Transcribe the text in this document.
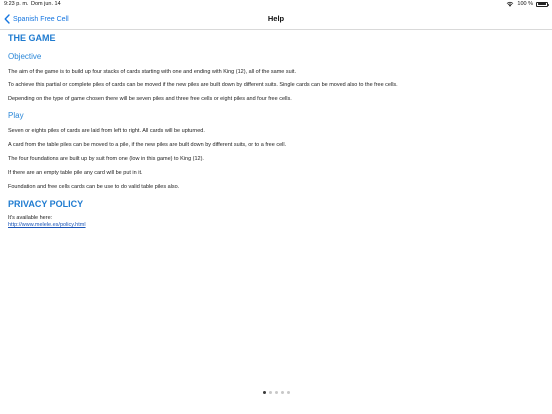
9:23 p. m. Dom jun. 14	100 %
Spanish Free Cell	Help
THE GAME
Objective
The aim of the game is to build up four stacks of cards starting with one and ending with King (12), all of the same suit.
To achieve this partial or complete piles of cards can be moved if the new piles are built down by different suits. Single cards can be moved also to the free cells.
Depending on the type of game chosen there will be seven piles and three free cells or eight piles and four free cells.
Play
Seven or eights piles of cards are laid from left to right. All cards will be upturned.
A card from the table piles can be moved to a pile, if the new piles are built down by different suits, or to a free cell.
The four foundations are built up by suit from one (low in this game) to King (12).
If there are an empty table pile any card will be put in it.
Foundation and free cells cards can be use to do valid table piles also.
PRIVACY POLICY
It's available here:
http://www.melele.es/policy.html
